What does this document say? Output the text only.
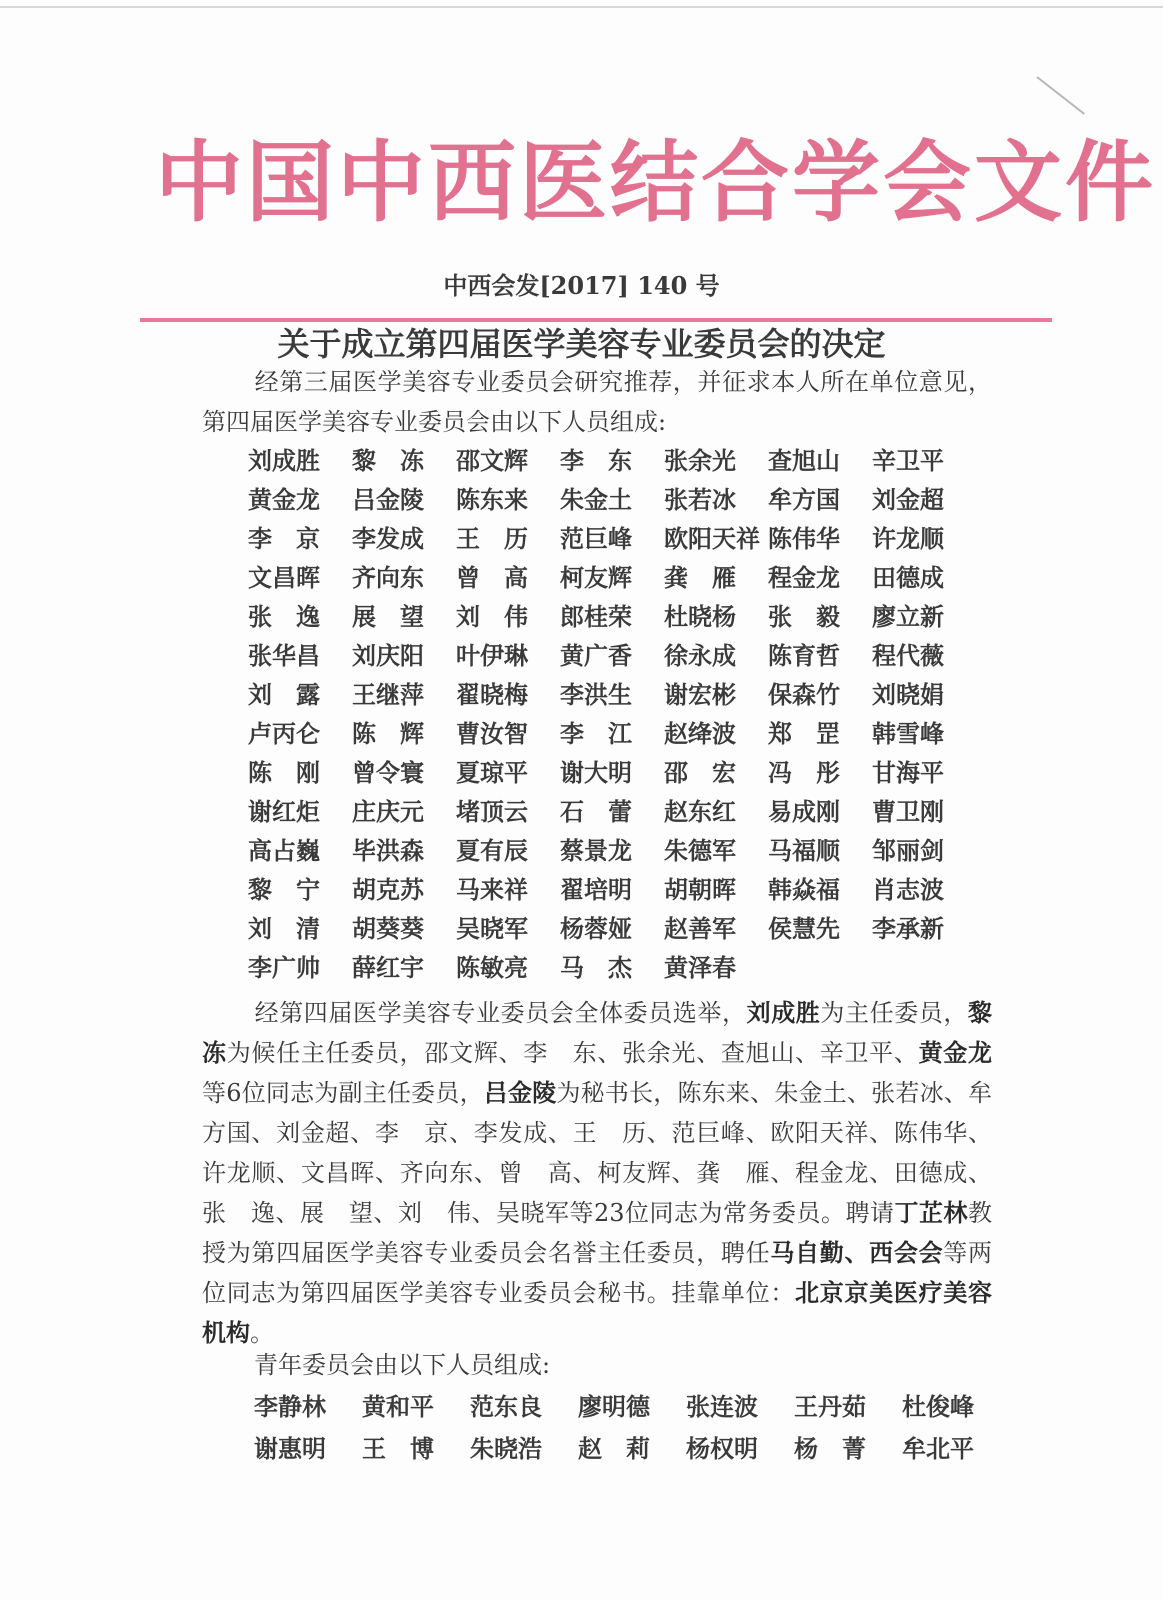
中国中西医结合学会文件
中西会发[2017] 140 号
关于成立第四届医学美容专业委员会的决定
经第三届医学美容专业委员会研究推荐，并征求本人所在单位意见，第四届医学美容专业委员会由以下人员组成:
刘成胜 黎　冻 邵文辉 李　东 张余光 查旭山 辛卫平
黄金龙 吕金陵 陈东来 朱金土 张若冰 牟方国 刘金超
李　京 李发成 王　历 范巨峰 欧阳天祥 陈伟华 许龙顺
文昌晖 齐向东 曾　高 柯友辉 龚　雁 程金龙 田德成
张　逸 展　望 刘　伟 郎桂荣 杜晓杨 张　毅 廖立新
张华昌 刘庆阳 叶伊琳 黄广香 徐永成 陈育哲 程代薇
刘　露 王继萍 翟晓梅 李洪生 谢宏彬 保森竹 刘晓娟
卢丙仑 陈　辉 曹汝智 李　江 赵绛波 郑　罡 韩雪峰
陈　刚 曾令寰 夏琼平 谢大明 邵　宏 冯　彤 甘海平
谢红炬 庄庆元 堵顶云 石　蕾 赵东红 易成刚 曹卫刚
高占巍 毕洪森 夏有辰 蔡景龙 朱德军 马福顺 邹丽剑
黎　宁 胡克苏 马来祥 翟培明 胡朝晖 韩焱福 肖志波
刘　清 胡葵葵 吴晓军 杨蓉娅 赵善军 侯慧先 李承新
李广帅 薛红宇 陈敏亮 马　杰 黄泽春
经第四届医学美容专业委员会全体委员选举，刘成胜为主任委员，黎　冻为候任主任委员，邵文辉、李　东、张余光、查旭山、辛卫平、黄金龙等6位同志为副主任委员，吕金陵为秘书长，陈东来、朱金土、张若冰、牟方国、刘金超、李　京、李发成、王　历、范巨峰、欧阳天祥、陈伟华、许龙顺、文昌晖、齐向东、曾　高、柯友辉、龚　雁、程金龙、田德成、张　逸、展　望、刘　伟、吴晓军等23位同志为常务委员。聘请丁芷林教授为第四届医学美容专业委员会名誉主任委员，聘任马自勤、西会会等两位同志为第四届医学美容专业委员会秘书。挂靠单位：北京京美医疗美容机构。
青年委员会由以下人员组成:
李静林 黄和平 范东良 廖明德 张连波 王丹茹 杜俊峰
谢惠明 王　博 朱晓浩 赵　莉 杨权明 杨　菁 牟北平
